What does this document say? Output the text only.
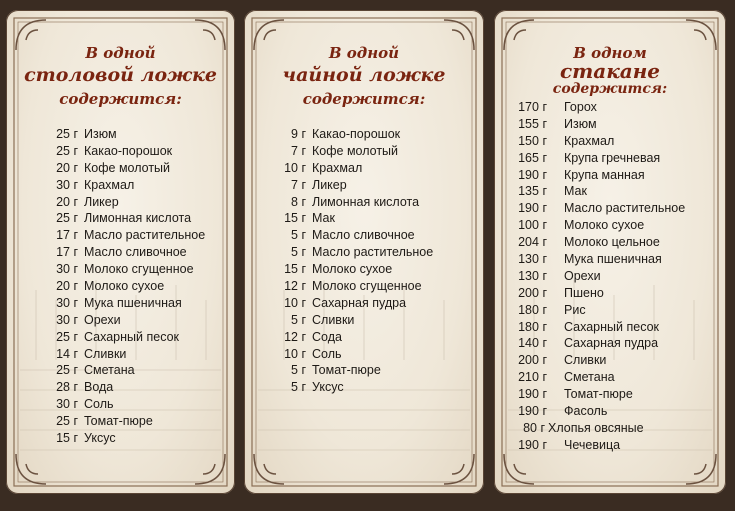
В одной
столовой ложке
содержится:
25 г Изюм
25 г Какао-порошок
20 г Кофе молотый
30 г Крахмал
20 г Ликер
25 г Лимонная кислота
17 г Масло растительное
17 г Масло сливочное
30 г Молоко сгущенное
20 г Молоко сухое
30 г Мука пшеничная
30 г Орехи
25 г Сахарный песок
14 г Сливки
25 г Сметана
28 г Вода
30 г Соль
25 г Томат-пюре
15 г Уксус
В одной
чайной ложке
содержится:
9 г Какао-порошок
7 г Кофе молотый
10 г Крахмал
7 г Ликер
8 г Лимонная кислота
15 г Мак
5 г Масло сливочное
5 г Масло растительное
15 г Молоко сухое
12 г Молоко сгущенное
10 г Сахарная пудра
5 г Сливки
12 г Сода
10 г Соль
5 г Томат-пюре
5 г Уксус
В одном
стакане
содержится:
170 г Горох
155 г Изюм
150 г Крахмал
165 г Крупа гречневая
190 г Крупа манная
135 г Мак
190 г Масло растительное
100 г Молоко сухое
204 г Молоко цельное
130 г Мука пшеничная
130 г Орехи
200 г Пшено
180 г Рис
180 г Сахарный песок
140 г Сахарная пудра
200 г Сливки
210 г Сметана
190 г Томат-пюре
190 г Фасоль
80 г Хлопья овсяные
190 г Чечевица
